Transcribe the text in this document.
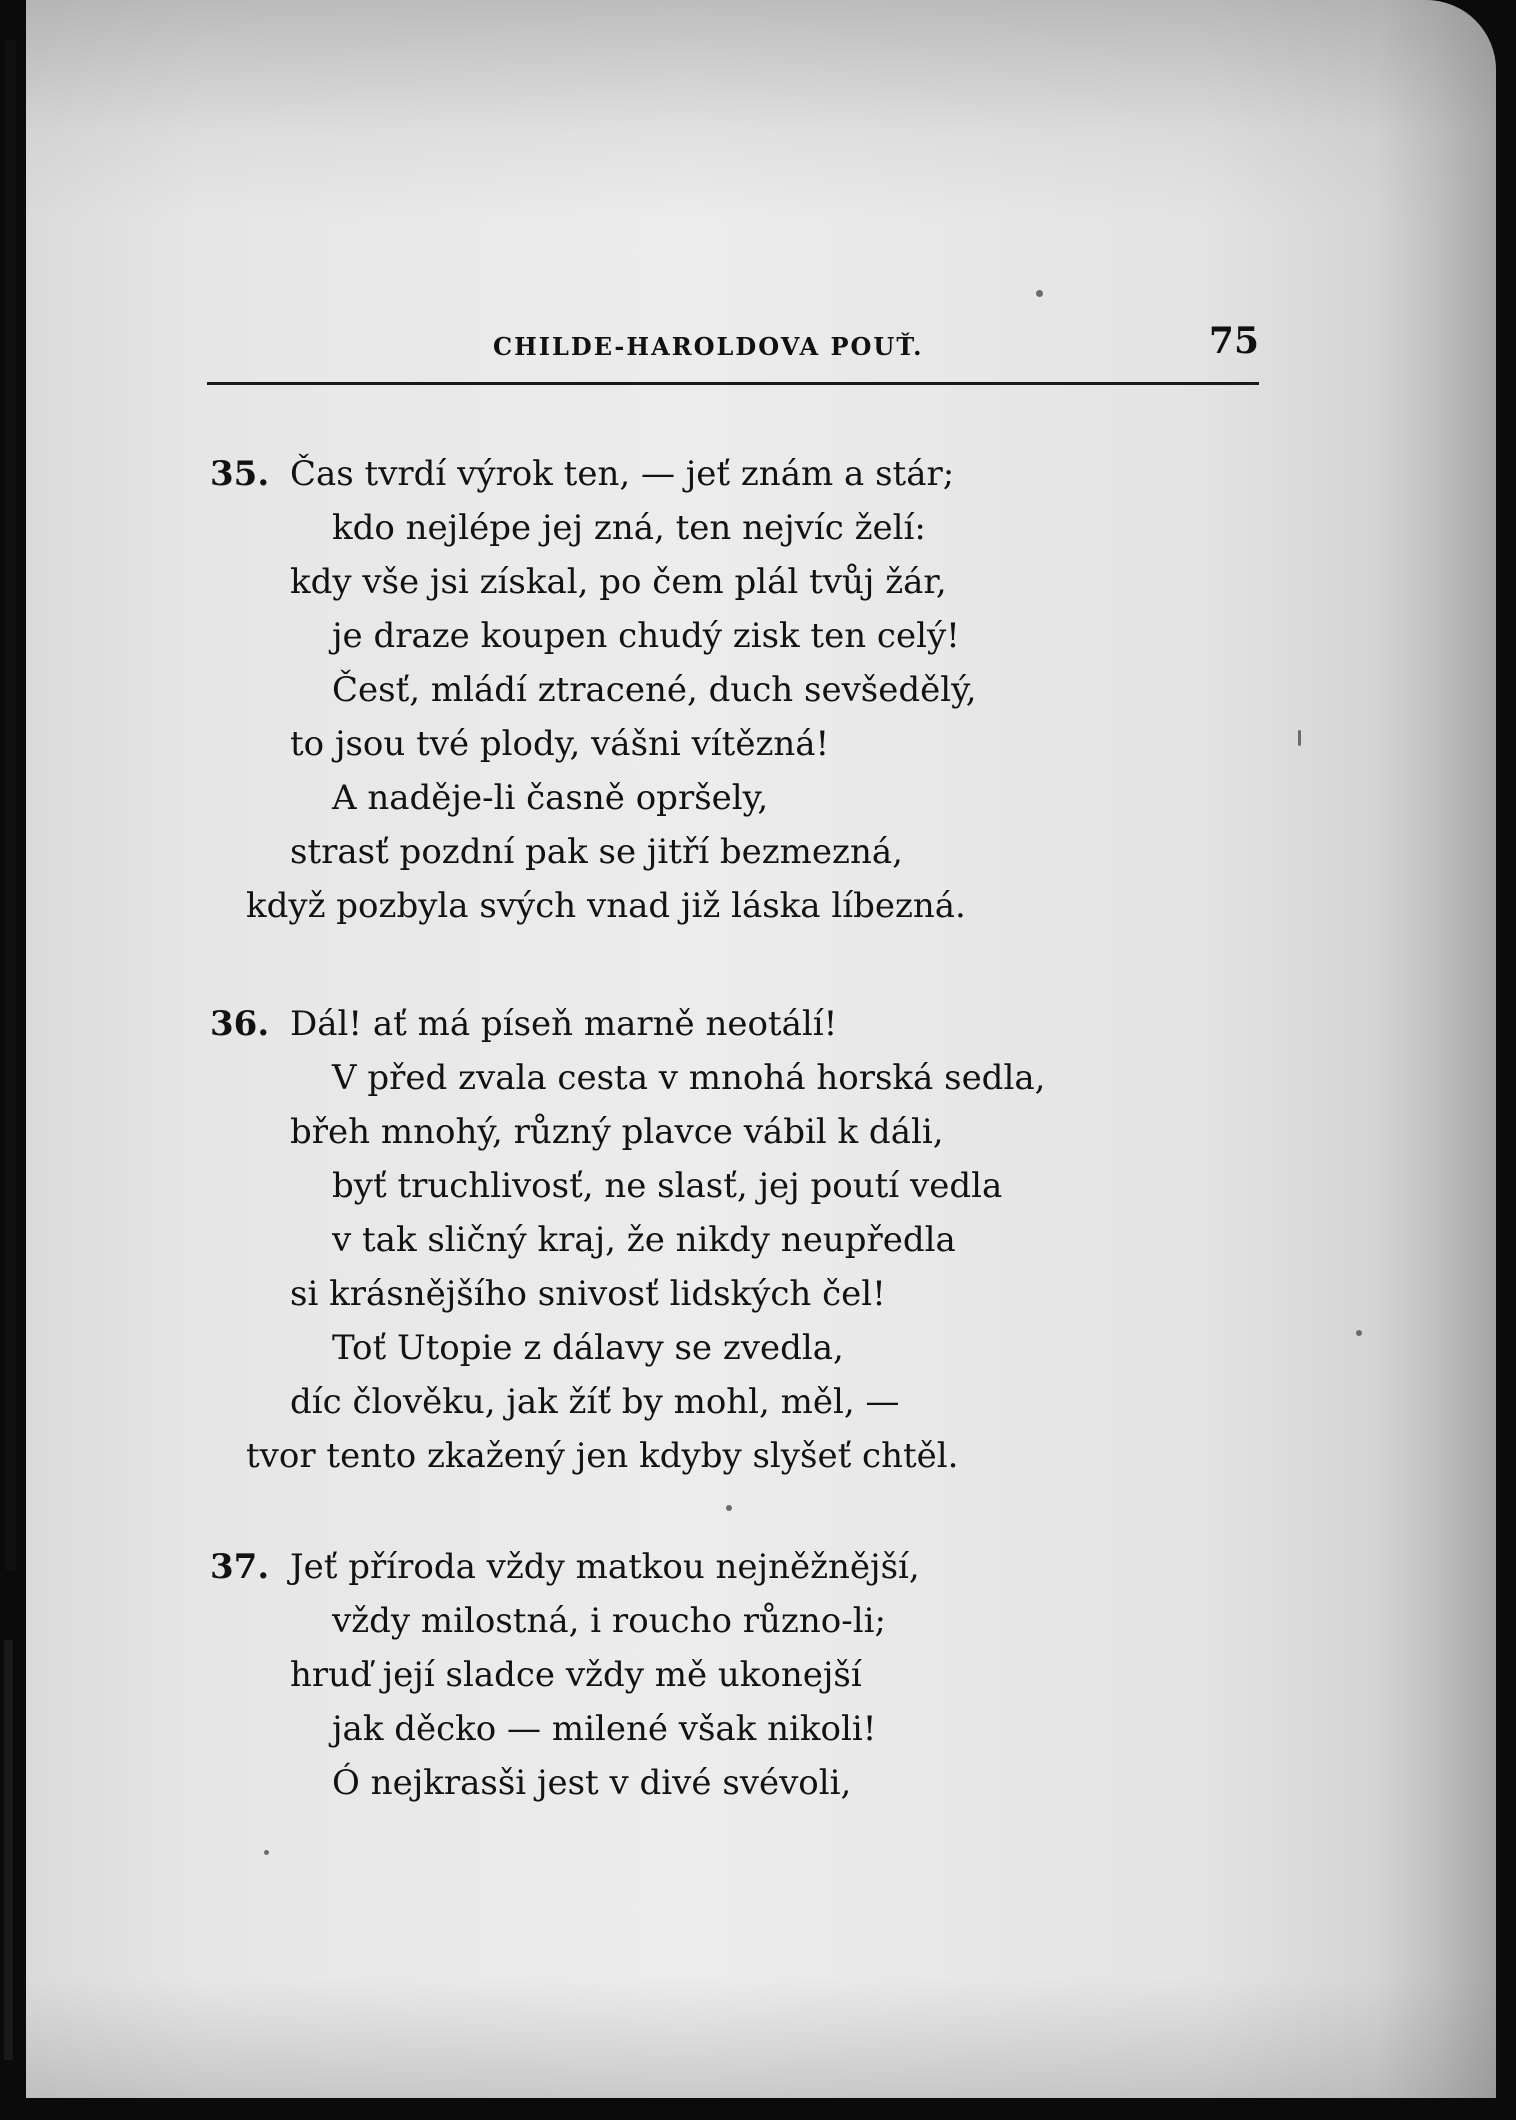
CHILDE-HAROLDOVA POUŤ.	75
35. Čas tvrdí výrok ten, — jeť znám a stár;
kdo nejlépe jej zná, ten nejvíc želí:
kdy vše jsi získal, po čem plál tvůj žár,
je draze koupen chudý zisk ten celý!
Česť, mládí ztracené, duch sevšedělý,
to jsou tvé plody, vášni vítězná!
A naděje-li časně opršely,
strasť pozdní pak se jitří bezmezná,
když pozbyla svých vnad již láska líbezná.
36. Dál! ať má píseň marně neotálí!
V před zvala cesta v mnohá horská sedla,
břeh mnohý, různý plavce vábil k dáli,
byť truchlivosť, ne slasť, jej poutí vedla
v tak sličný kraj, že nikdy neupředla
si krásnějšího snivosť lidských čel!
Toť Utopie z dálavy se zvedla,
díc člověku, jak žíť by mohl, měl, —
tvor tento zkažený jen kdyby slyšeť chtěl.
37. Jeť příroda vždy matkou nejněžnější,
vždy milostná, i roucho různo-li;
hruď její sladce vždy mě ukonejší
jak děcko — milené však nikoli!
Ó nejkrasši jest v divé svévoli,
